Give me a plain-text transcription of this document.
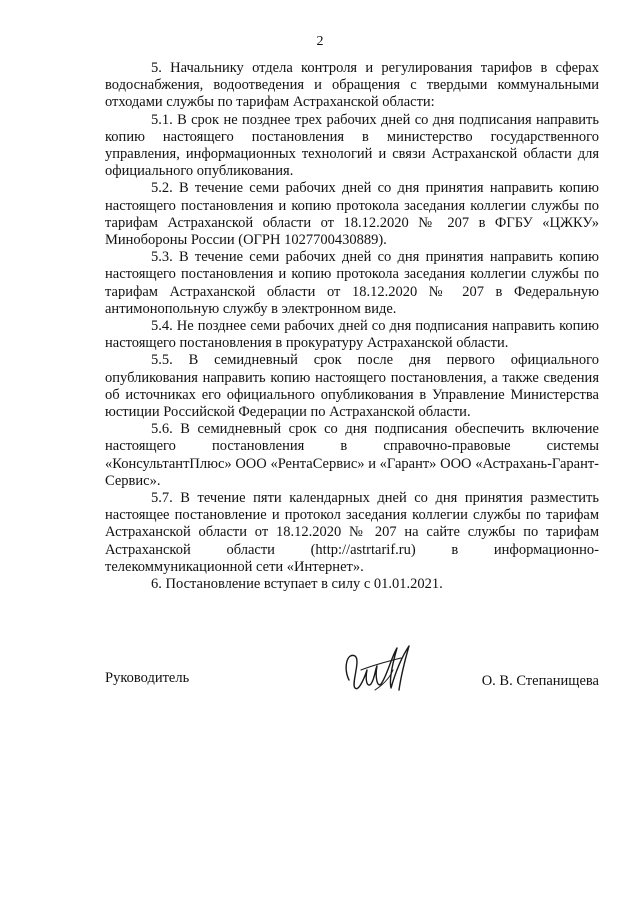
2

5. Начальнику отдела контроля и регулирования тарифов в сферах водоснабжения, водоотведения и обращения с твердыми коммунальными отходами службы по тарифам Астраханской области:

5.1. В срок не позднее трех рабочих дней со дня подписания направить копию настоящего постановления в министерство государственного управления, информационных технологий и связи Астраханской области для официального опубликования.

5.2. В течение семи рабочих дней со дня принятия направить копию настоящего постановления и копию протокола заседания коллегии службы по тарифам Астраханской области от 18.12.2020 № 207 в ФГБУ «ЦЖКУ» Минобороны России (ОГРН 1027700430889).

5.3. В течение семи рабочих дней со дня принятия направить копию настоящего постановления и копию протокола заседания коллегии службы по тарифам Астраханской области от 18.12.2020 № 207 в Федеральную антимонопольную службу в электронном виде.

5.4. Не позднее семи рабочих дней со дня подписания направить копию настоящего постановления в прокуратуру Астраханской области.

5.5. В семидневный срок после дня первого официального опубликования направить копию настоящего постановления, а также сведения об источниках его официального опубликования в Управление Министерства юстиции Российской Федерации по Астраханской области.

5.6. В семидневный срок со дня подписания обеспечить включение настоящего постановления в справочно-правовые системы «КонсультантПлюс» ООО «РентаСервис» и «Гарант» ООО «Астрахань-Гарант-Сервис».

5.7. В течение пяти календарных дней со дня принятия разместить настоящее постановление и протокол заседания коллегии службы по тарифам Астраханской области от 18.12.2020 № 207 на сайте службы по тарифам Астраханской области (http://astrtarif.ru) в информационно-телекоммуникационной сети «Интернет».

6. Постановление вступает в силу с 01.01.2021.

Руководитель	О. В. Степанищева
